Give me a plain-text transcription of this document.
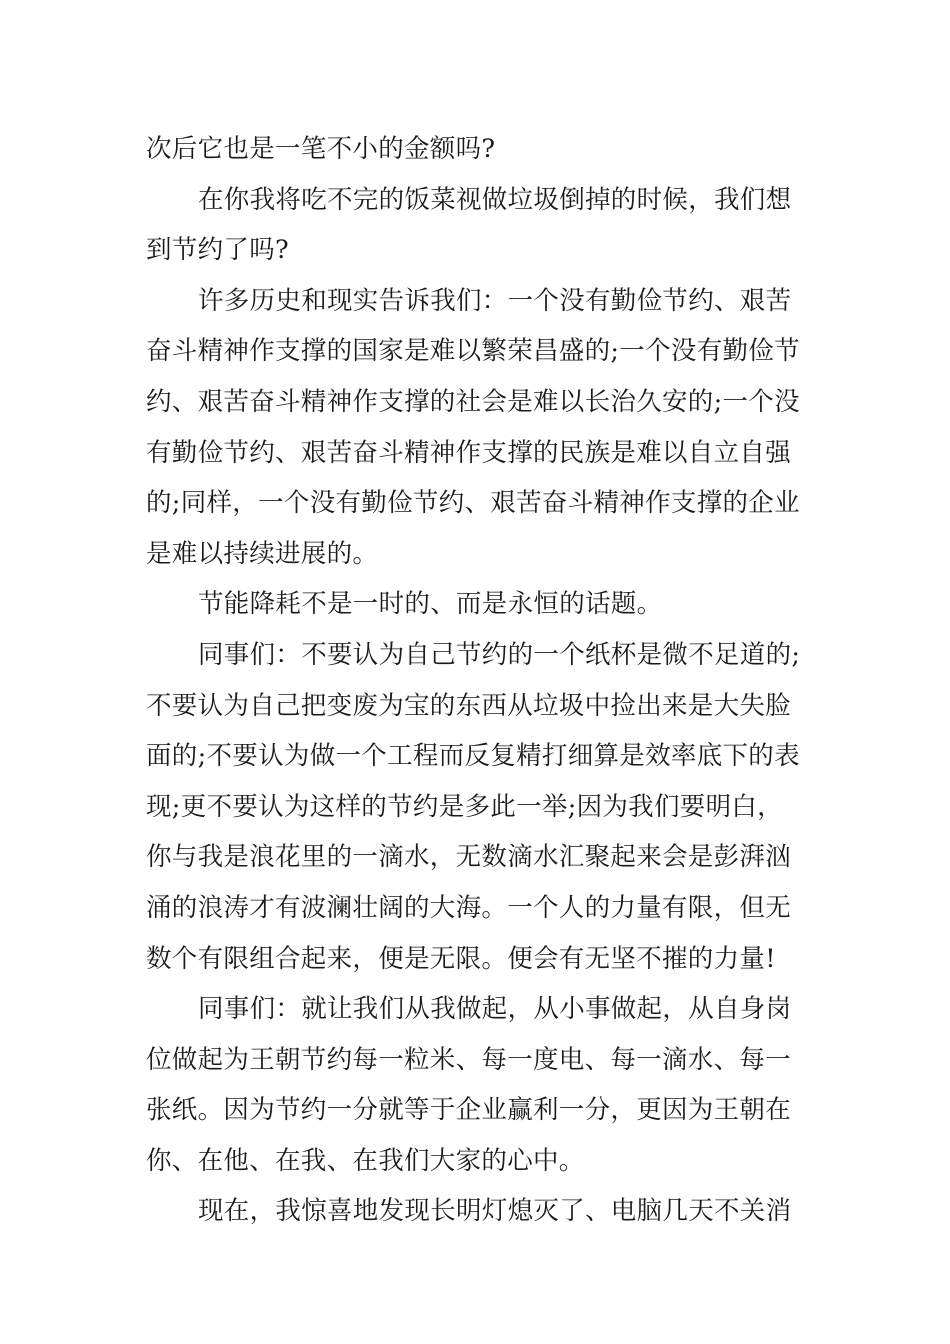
次后它也是一笔不小的金额吗?
在你我将吃不完的饭菜视做垃圾倒掉的时候，我们想
到节约了吗?
许多历史和现实告诉我们：一个没有勤俭节约、艰苦
奋斗精神作支撑的国家是难以繁荣昌盛的;一个没有勤俭节
约、艰苦奋斗精神作支撑的社会是难以长治久安的;一个没
有勤俭节约、艰苦奋斗精神作支撑的民族是难以自立自强
的;同样，一个没有勤俭节约、艰苦奋斗精神作支撑的企业
是难以持续进展的。
节能降耗不是一时的、而是永恒的话题。
同事们：不要认为自己节约的一个纸杯是微不足道的;
不要认为自己把变废为宝的东西从垃圾中捡出来是大失脸
面的;不要认为做一个工程而反复精打细算是效率底下的表
现;更不要认为这样的节约是多此一举;因为我们要明白，
你与我是浪花里的一滴水，无数滴水汇聚起来会是彭湃汹
涌的浪涛才有波澜壮阔的大海。一个人的力量有限，但无
数个有限组合起来，便是无限。便会有无坚不摧的力量!
同事们：就让我们从我做起，从小事做起，从自身岗
位做起为王朝节约每一粒米、每一度电、每一滴水、每一
张纸。因为节约一分就等于企业赢利一分，更因为王朝在
你、在他、在我、在我们大家的心中。
现在，我惊喜地发现长明灯熄灭了、电脑几天不关消
